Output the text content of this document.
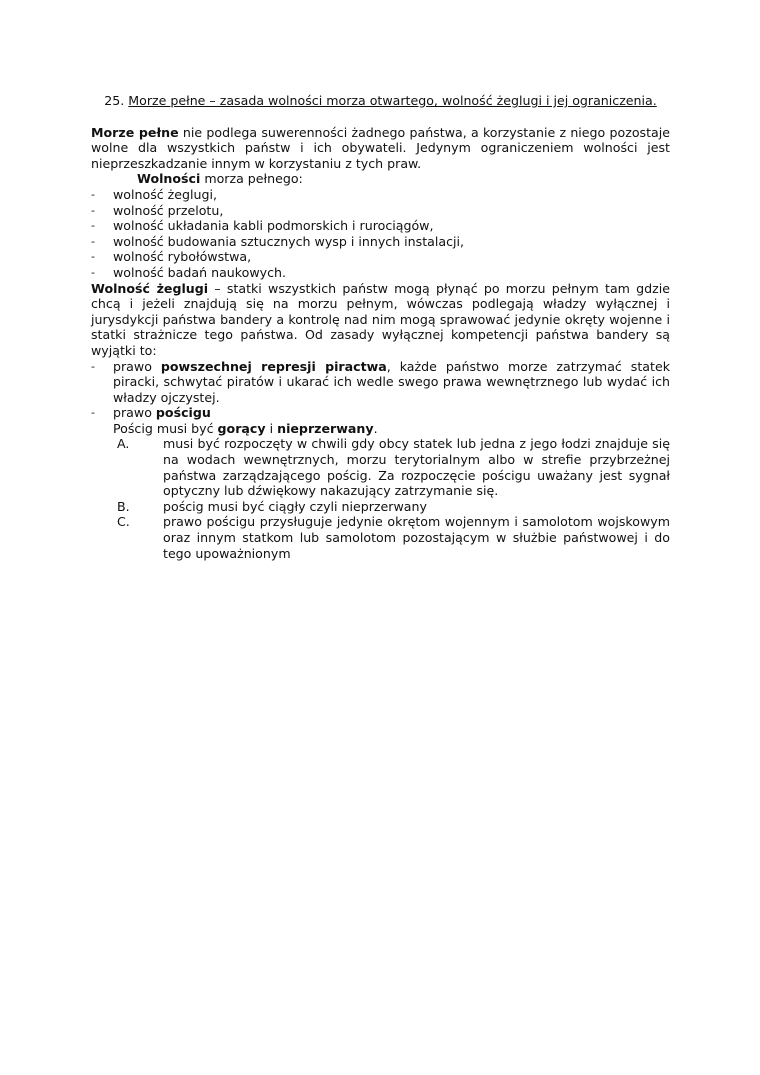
25. Morze pełne – zasada wolności morza otwartego, wolność żeglugi i jej ograniczenia.

Morze pełne nie podlega suwerenności żadnego państwa, a korzystanie z niego pozostaje wolne dla wszystkich państw i ich obywateli. Jedynym ograniczeniem wolności jest nieprzeszkadzanie innym w korzystaniu z tych praw.

Wolności morza pełnego:
- wolność żeglugi,
- wolność przelotu,
- wolność układania kabli podmorskich i rurociągów,
- wolność budowania sztucznych wysp i innych instalacji,
- wolność rybołówstwa,
- wolność badań naukowych.

Wolność żeglugi – statki wszystkich państw mogą płynąć po morzu pełnym tam gdzie chcą i jeżeli znajdują się na morzu pełnym, wówczas podlegają władzy wyłącznej i jurysdykcji państwa bandery a kontrolę nad nim mogą sprawować jedynie okręty wojenne i statki strażnicze tego państwa. Od zasady wyłącznej kompetencji państwa bandery są wyjątki to:

- prawo powszechnej represji piractwa, każde państwo morze zatrzymać statek piracki, schwytać piratów i ukarać ich wedle swego prawa wewnętrznego lub wydać ich władzy ojczystej.
- prawo pościgu
Pościg musi być gorący i nieprzerwany.
A.	musi być rozpoczęty w chwili gdy obcy statek lub jedna z jego łodzi znajduje się na wodach wewnętrznych, morzu terytorialnym albo w strefie przybrzeżnej państwa zarządzającego pościg. Za rozpoczęcie pościgu uważany jest sygnał optyczny lub dźwiękowy nakazujący zatrzymanie się.
B.	pościg musi być ciągły czyli nieprzerwany
C.	prawo pościgu przysługuje jedynie okrętom wojennym i samolotom wojskowym oraz innym statkom lub samolotom pozostającym w służbie państwowej i do tego upoważnionym
